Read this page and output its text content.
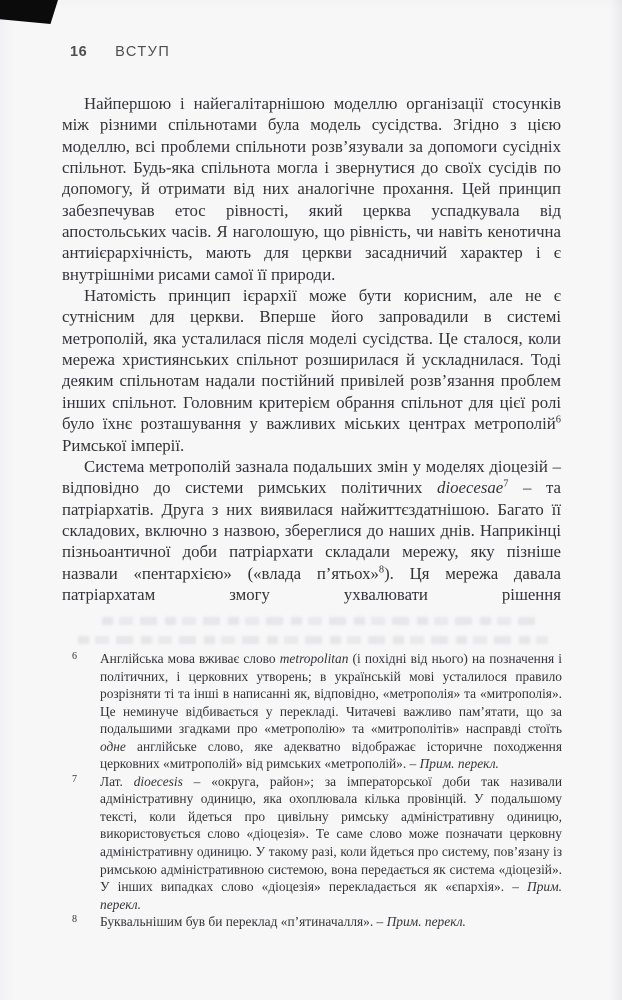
16 ВСТУП

Найпершою і найегалітарнішою моделлю організації стосунків між різними спільнотами була модель сусідства. Згідно з цією моделлю, всі проблеми спільноти розв’язували за допомоги сусідніх спільнот. Будь-яка спільнота могла і звернутися до своїх сусідів по допомогу, й отримати від них аналогічне прохання. Цей принцип забезпечував етос рівності, який церква успадкувала від апостольських часів. Я наголошую, що рівність, чи навіть кенотична антиієрархічність, мають для церкви засадничий характер і є внутрішніми рисами самої її природи.

Натомість принцип ієрархії може бути корисним, але не є сутнісним для церкви. Вперше його запровадили в системі метрополій, яка усталилася після моделі сусідства. Це сталося, коли мережа християнських спільнот розширилася й ускладнилася. Тоді деяким спільнотам надали постійний привілей розв’язання проблем інших спільнот. Головним критерієм обрання спільнот для цієї ролі було їхнє розташування у важливих міських центрах метрополій$^6$ Римської імперії.

Система метрополій зазнала подальших змін у моделях діоцезій – відповідно до системи римських політичних dioecesae$^7$ – та патріархатів. Друга з них виявилася найжиттєздатнішою. Багато її складових, включно з назвою, збереглися до наших днів. Наприкінці пізньоантичної доби патріархати складали мережу, яку пізніше назвали «пентархією» («влада п’ятьох»$^8$). Ця мережа давала патріархатам змогу ухвалювати рішення

6 Англійська мова вживає слово metropolitan (і похідні від нього) на позначення і політичних, і церковних утворень; в українській мові усталилося правило розрізняти ті та інші в написанні як, відповідно, «метрополія» та «митрополія». Це неминуче відбивається у перекладі. Читачеві важливо пам’ятати, що за подальшими згадками про «метрополію» та «митрополітів» насправді стоїть одне англійське слово, яке адекватно відображає історичне походження церковних «митрополій» від римських «метрополій». – Прим. перекл.

7 Лат. dioecesis – «округа, район»; за імператорської доби так називали адміністративну одиницю, яка охоплювала кілька провінцій. У подальшому тексті, коли йдеться про цивільну римську адміністративну одиницю, використовується слово «діоцезія». Те саме слово може позначати церковну адміністративну одиницю. У такому разі, коли йдеться про систему, пов’язану із римською адміністративною системою, вона передається як система «діоцезій». У інших випадках слово «діоцезія» перекладається як «єпархія». – Прим. перекл.

8 Буквальнішим був би переклад «п’ятиначалля». – Прим. перекл.
